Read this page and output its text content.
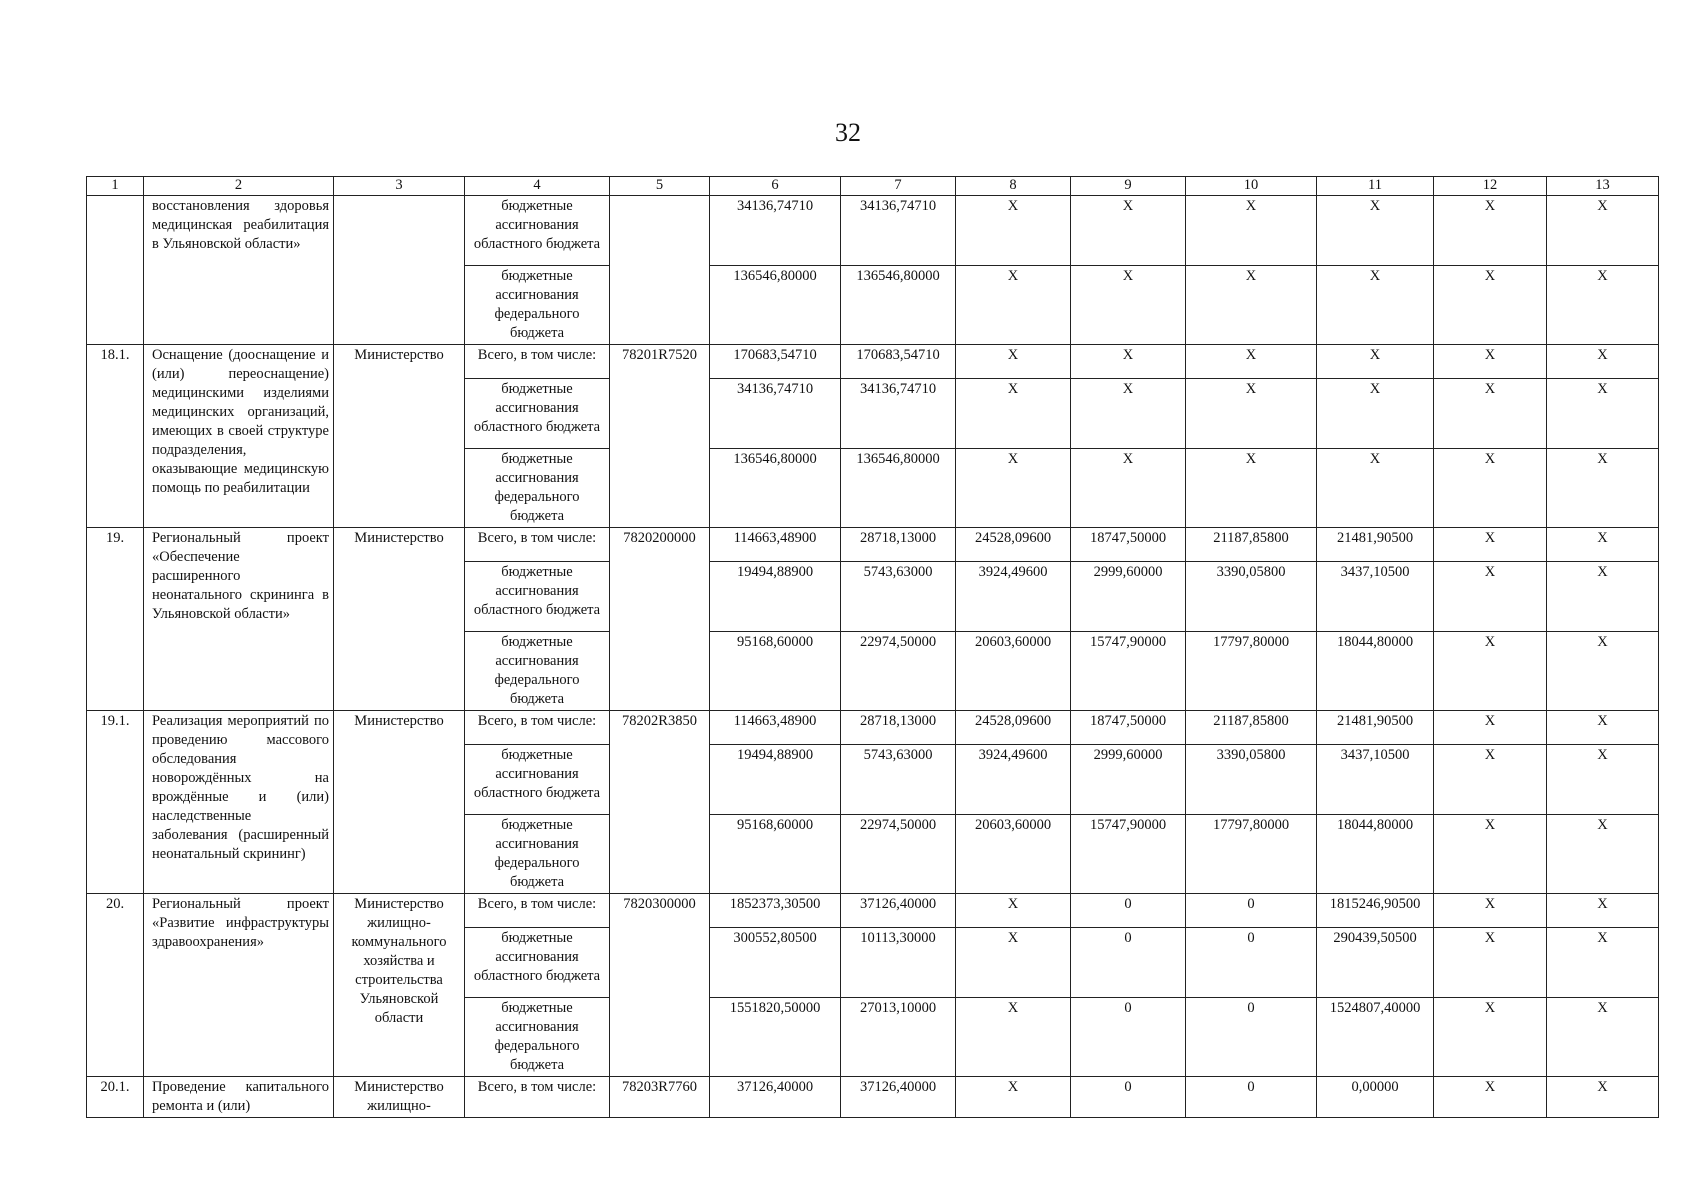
32
1	2	3	4	5	6	7	8	9	10	11	12	13
	восстановления здоровья медицинская реабилитация в Ульяновской области»		бюджетные ассигнования областного бюджета		34136,74710	34136,74710	X	X	X	X	X	X
			бюджетные ассигнования федерального бюджета		136546,80000	136546,80000	X	X	X	X	X	X
18.1.	Оснащение (дооснащение и (или) переоснащение) медицинскими изделиями медицинских организаций, имеющих в своей структуре подразделения, оказывающие медицинскую помощь по реабилитации	Министерство	Всего, в том числе:	78201R7520	170683,54710	170683,54710	X	X	X	X	X	X
			бюджетные ассигнования областного бюджета		34136,74710	34136,74710	X	X	X	X	X	X
			бюджетные ассигнования федерального бюджета		136546,80000	136546,80000	X	X	X	X	X	X
19.	Региональный проект «Обеспечение расширенного неонатального скрининга в Ульяновской области»	Министерство	Всего, в том числе:	7820200000	114663,48900	28718,13000	24528,09600	18747,50000	21187,85800	21481,90500	X	X
			бюджетные ассигнования областного бюджета		19494,88900	5743,63000	3924,49600	2999,60000	3390,05800	3437,10500	X	X
			бюджетные ассигнования федерального бюджета		95168,60000	22974,50000	20603,60000	15747,90000	17797,80000	18044,80000	X	X
19.1.	Реализация мероприятий по проведению массового обследования новорождённых на врождённые и (или) наследственные заболевания (расширенный неонатальный скрининг)	Министерство	Всего, в том числе:	78202R3850	114663,48900	28718,13000	24528,09600	18747,50000	21187,85800	21481,90500	X	X
			бюджетные ассигнования областного бюджета		19494,88900	5743,63000	3924,49600	2999,60000	3390,05800	3437,10500	X	X
			бюджетные ассигнования федерального бюджета		95168,60000	22974,50000	20603,60000	15747,90000	17797,80000	18044,80000	X	X
20.	Региональный проект «Развитие инфраструктуры здравоохранения»	Министерство жилищно-коммунального хозяйства и строительства Ульяновской области	Всего, в том числе:	7820300000	1852373,30500	37126,40000	X	0	0	1815246,90500	X	X
			бюджетные ассигнования областного бюджета		300552,80500	10113,30000	X	0	0	290439,50500	X	X
			бюджетные ассигнования федерального бюджета		1551820,50000	27013,10000	X	0	0	1524807,40000	X	X
20.1.	Проведение капитального ремонта и (или)	Министерство жилищно-	Всего, в том числе:	78203R7760	37126,40000	37126,40000	X	0	0	0,00000	X	X
